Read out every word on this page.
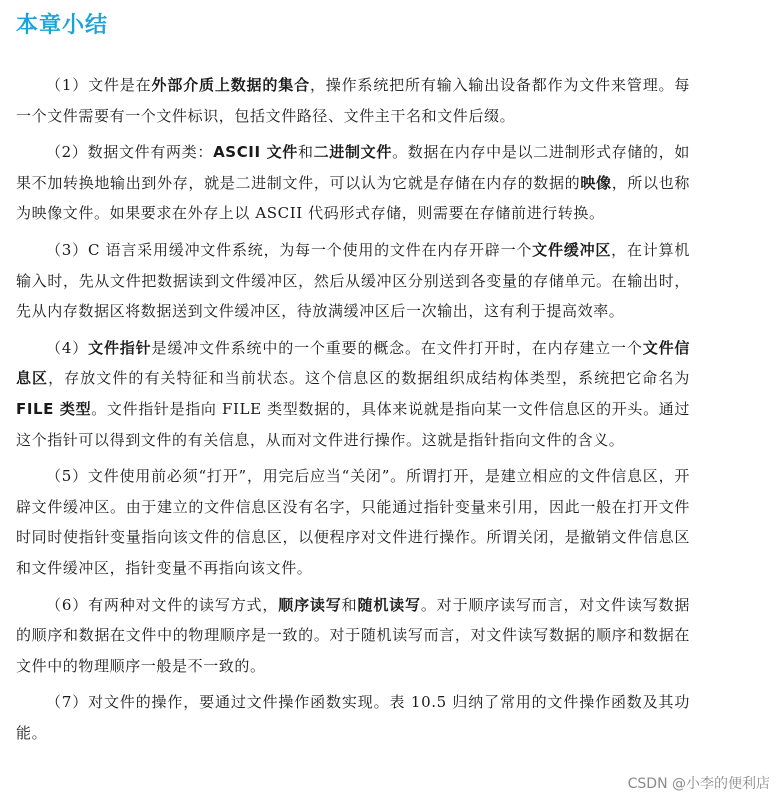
本章小结

（1）文件是在外部介质上数据的集合，操作系统把所有输入输出设备都作为文件来管理。每一个文件需要有一个文件标识，包括文件路径、文件主干名和文件后缀。

（2）数据文件有两类：ASCII 文件和二进制文件。数据在内存中是以二进制形式存储的，如果不加转换地输出到外存，就是二进制文件，可以认为它就是存储在内存的数据的映像，所以也称为映像文件。如果要求在外存上以 ASCII 代码形式存储，则需要在存储前进行转换。

（3）C 语言采用缓冲文件系统，为每一个使用的文件在内存开辟一个文件缓冲区，在计算机输入时，先从文件把数据读到文件缓冲区，然后从缓冲区分别送到各变量的存储单元。在输出时，先从内存数据区将数据送到文件缓冲区，待放满缓冲区后一次输出，这有利于提高效率。

（4）文件指针是缓冲文件系统中的一个重要的概念。在文件打开时，在内存建立一个文件信息区，存放文件的有关特征和当前状态。这个信息区的数据组织成结构体类型，系统把它命名为FILE 类型。文件指针是指向 FILE 类型数据的，具体来说就是指向某一文件信息区的开头。通过这个指针可以得到文件的有关信息，从而对文件进行操作。这就是指针指向文件的含义。

（5）文件使用前必须“打开”，用完后应当“关闭”。所谓打开，是建立相应的文件信息区，开辟文件缓冲区。由于建立的文件信息区没有名字，只能通过指针变量来引用，因此一般在打开文件时同时使指针变量指向该文件的信息区，以便程序对文件进行操作。所谓关闭，是撤销文件信息区和文件缓冲区，指针变量不再指向该文件。

（6）有两种对文件的读写方式，顺序读写和随机读写。对于顺序读写而言，对文件读写数据的顺序和数据在文件中的物理顺序是一致的。对于随机读写而言，对文件读写数据的顺序和数据在文件中的物理顺序一般是不一致的。

（7）对文件的操作，要通过文件操作函数实现。表 10.5 归纳了常用的文件操作函数及其功能。

CSDN @小李的便利店
